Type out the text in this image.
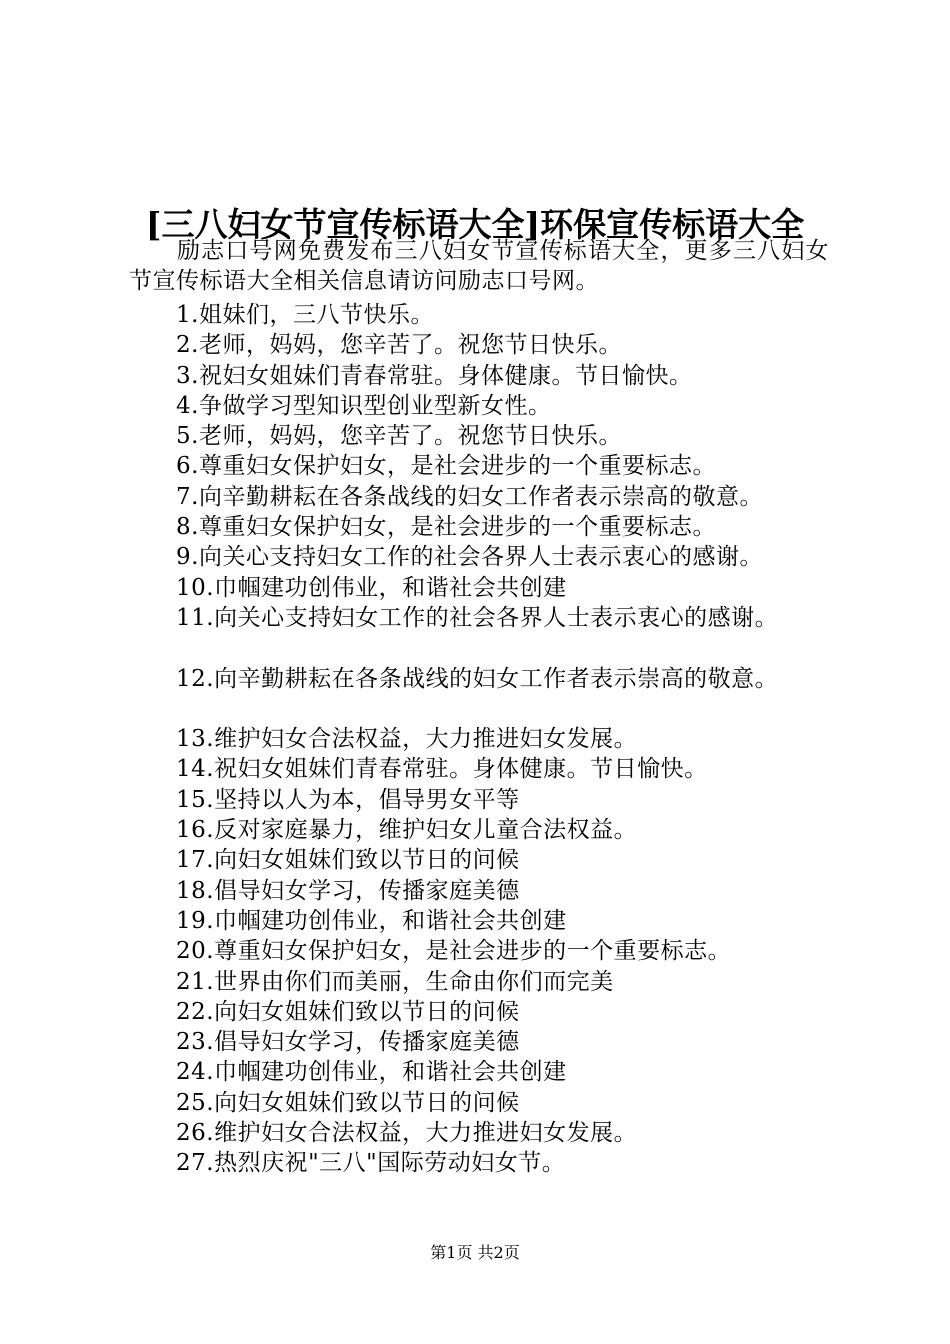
[三八妇女节宣传标语大全]环保宣传标语大全

励志口号网免费发布三八妇女节宣传标语大全，更多三八妇女节宣传标语大全相关信息请访问励志口号网。

1.姐妹们，三八节快乐。
2.老师，妈妈，您辛苦了。祝您节日快乐。
3.祝妇女姐妹们青春常驻。身体健康。节日愉快。
4.争做学习型知识型创业型新女性。
5.老师，妈妈，您辛苦了。祝您节日快乐。
6.尊重妇女保护妇女，是社会进步的一个重要标志。
7.向辛勤耕耘在各条战线的妇女工作者表示崇高的敬意。
8.尊重妇女保护妇女，是社会进步的一个重要标志。
9.向关心支持妇女工作的社会各界人士表示衷心的感谢。
10.巾帼建功创伟业，和谐社会共创建
11.向关心支持妇女工作的社会各界人士表示衷心的感谢。
12.向辛勤耕耘在各条战线的妇女工作者表示崇高的敬意。
13.维护妇女合法权益，大力推进妇女发展。
14.祝妇女姐妹们青春常驻。身体健康。节日愉快。
15.坚持以人为本，倡导男女平等
16.反对家庭暴力，维护妇女儿童合法权益。
17.向妇女姐妹们致以节日的问候
18.倡导妇女学习，传播家庭美德
19.巾帼建功创伟业，和谐社会共创建
20.尊重妇女保护妇女，是社会进步的一个重要标志。
21.世界由你们而美丽，生命由你们而完美
22.向妇女姐妹们致以节日的问候
23.倡导妇女学习，传播家庭美德
24.巾帼建功创伟业，和谐社会共创建
25.向妇女姐妹们致以节日的问候
26.维护妇女合法权益，大力推进妇女发展。
27.热烈庆祝"三八"国际劳动妇女节。
第1页 共2页
